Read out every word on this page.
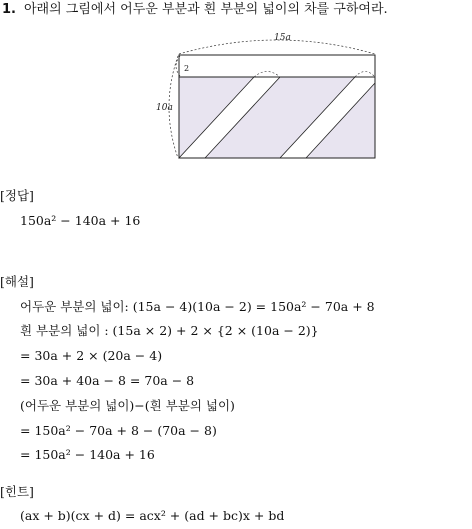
1. 아래의 그림에서 어두운 부분과 흰 부분의 넓이의 차를 구하여라.
15a
10a
2
[정답]
150a² − 140a + 16
[해설]
어두운 부분의 넓이: (15a − 4)(10a − 2) = 150a² − 70a + 8
흰 부분의 넓이 : (15a × 2) + 2 × {2 × (10a − 2)}
= 30a + 2 × (20a − 4)
= 30a + 40a − 8 = 70a − 8
(어두운 부분의 넓이)−(흰 부분의 넓이)
= 150a² − 70a + 8 − (70a − 8)
= 150a² − 140a + 16
[힌트]
(ax + b)(cx + d) = acx² + (ad + bc)x + bd
